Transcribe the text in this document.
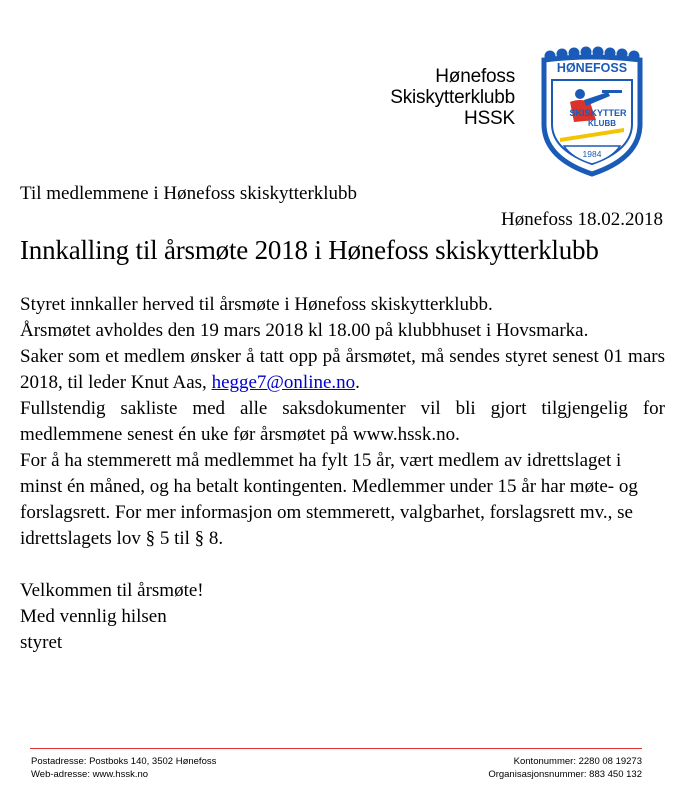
Hønefoss
Skiskytterklubb
HSSK
HØNEFOSS
SKISKYTTER
KLUBB
1984
Til medlemmene i Hønefoss skiskytterklubb
Hønefoss 18.02.2018
Innkalling til årsmøte 2018 i Hønefoss skiskytterklubb

Styret innkaller herved til årsmøte i Hønefoss skiskytterklubb.

Årsmøtet avholdes den 19 mars 2018 kl 18.00 på klubbhuset i Hovsmarka.

Saker som et medlem ønsker å tatt opp på årsmøtet, må sendes styret senest 01 mars 2018, til leder Knut Aas, hegge7@online.no.

Fullstendig sakliste med alle saksdokumenter vil bli gjort tilgjengelig for medlemmene senest én uke før årsmøtet på www.hssk.no.

For å ha stemmerett må medlemmet ha fylt 15 år, vært medlem av idrettslaget i minst én måned, og ha betalt kontingenten. Medlemmer under 15 år har møte- og forslagsrett. For mer informasjon om stemmerett, valgbarhet, forslagsrett mv., se idrettslagets lov § 5 til § 8.

Velkommen til årsmøte!

Med vennlig hilsen

styret

Postadresse: Postboks 140, 3502 Hønefoss
Web-adresse: www.hssk.no
Kontonummer: 2280 08 19273
Organisasjonsnummer: 883 450 132
